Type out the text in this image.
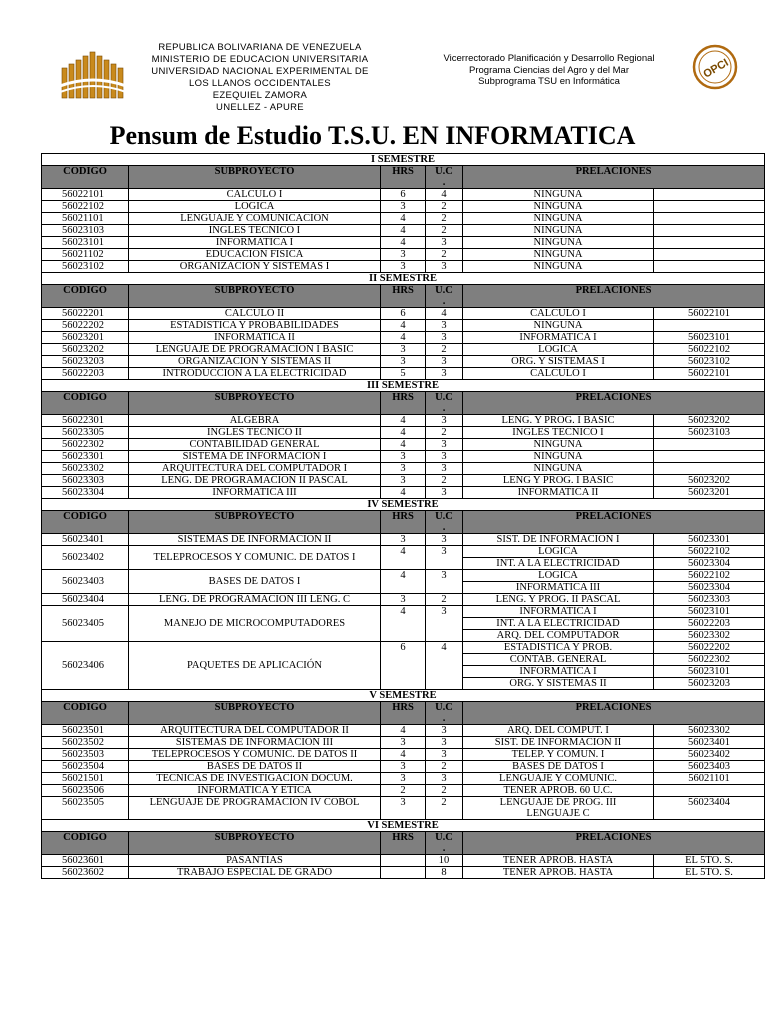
OPCI
REPUBLICA BOLIVARIANA DE VENEZUELA
MINISTERIO DE EDUCACION UNIVERSITARIA
UNIVERSIDAD NACIONAL EXPERIMENTAL DE
LOS LLANOS OCCIDENTALES
EZEQUIEL ZAMORA
UNELLEZ - APURE
Vicerrectorado Planificación y Desarrollo Regional
Programa Ciencias del Agro y del Mar
Subprograma TSU en Informática
Pensum de Estudio T.S.U. EN INFORMATICA
I SEMESTRE					
CODIGO	SUBPROYECTO	HRS	U.C
.	PRELACIONES	
56022101	CALCULO I	6	4	NINGUNA	
56022102	LOGICA	3	2	NINGUNA	
56021101	LENGUAJE Y COMUNICACION	4	2	NINGUNA	
56023103	INGLES TECNICO I	4	2	NINGUNA	
56023101	INFORMATICA I	4	3	NINGUNA	
56021102	EDUCACION FISICA	3	2	NINGUNA	
56023102	ORGANIZACION Y SISTEMAS I	3	3	NINGUNA	
II SEMESTRE					
CODIGO	SUBPROYECTO	HRS	U.C
.	PRELACIONES	
56022201	CALCULO II	6	4	CALCULO I	56022101
56022202	ESTADISTICA Y PROBABILIDADES	4	3	NINGUNA	
56023201	INFORMATICA II	4	3	INFORMATICA I	56023101
56023202	LENGUAJE DE PROGRAMACION I BASIC	3	2	LOGICA	56022102
56023203	ORGANIZACION Y SISTEMAS II	3	3	ORG. Y SISTEMAS I	56023102
56022203	INTRODUCCION A LA ELECTRICIDAD	5	3	CALCULO I	56022101
III SEMESTRE					
CODIGO	SUBPROYECTO	HRS	U.C
.	PRELACIONES	
56022301	ALGEBRA	4	3	LENG. Y PROG. I BASIC	56023202
56023305	INGLES TECNICO II	4	2	INGLES TECNICO I	56023103
56022302	CONTABILIDAD GENERAL	4	3	NINGUNA	
56023301	SISTEMA DE INFORMACION I	3	3	NINGUNA	
56023302	ARQUITECTURA DEL COMPUTADOR I	3	3	NINGUNA	
56023303	LENG. DE PROGRAMACION II PASCAL	3	2	LENG Y PROG. I BASIC	56023202
56023304	INFORMATICA III	4	3	INFORMATICA II	56023201
IV SEMESTRE					
CODIGO	SUBPROYECTO	HRS	U.C
.	PRELACIONES	
56023401	SISTEMAS DE INFORMACION II	3	3	SIST. DE INFORMACION I	56023301
56023402	TELEPROCESOS Y COMUNIC. DE DATOS I	4	3	LOGICA	56022102
				INT. A LA ELECTRICIDAD	56023304
56023403	BASES DE DATOS I	4	3	LOGICA	56022102
				INFORMATICA III	56023304
56023404	LENG. DE PROGRAMACION III LENG. C	3	2	LENG. Y PROG. II PASCAL	56023303
56023405	MANEJO DE MICROCOMPUTADORES	4	3	INFORMATICA I	56023101
				INT. A LA ELECTRICIDAD	56022203
				ARQ. DEL COMPUTADOR	56023302
56023406	PAQUETES DE APLICACIÓN	6	4	ESTADISTICA Y PROB.	56022202
				CONTAB. GENERAL	56022302
				INFORMATICA I	56023101
				ORG. Y SISTEMAS II	56023203
V SEMESTRE					
CODIGO	SUBPROYECTO	HRS	U.C
.	PRELACIONES	
56023501	ARQUITECTURA DEL COMPUTADOR II	4	3	ARQ. DEL COMPUT. I	56023302
56023502	SISTEMAS DE INFORMACION III	3	3	SIST. DE INFORMACION II	56023401
56023503	TELEPROCESOS Y COMUNIC. DE DATOS II	4	3	TELEP. Y COMUN. I	56023402
56023504	BASES DE DATOS II	3	2	BASES DE DATOS I	56023403
56021501	TECNICAS DE INVESTIGACION DOCUM.	3	3	LENGUAJE Y COMUNIC.	56021101
56023506	INFORMATICA Y ETICA	2	2	TENER APROB. 60 U.C.	
56023505	LENGUAJE DE PROGRAMACION IV COBOL	3	2	LENGUAJE DE PROG. III
LENGUAJE C	56023404
VI SEMESTRE					
CODIGO	SUBPROYECTO	HRS	U.C
.	PRELACIONES	
56023601	PASANTIAS		10	TENER APROB. HASTA	EL 5TO. S.
56023602	TRABAJO ESPECIAL DE GRADO		8	TENER APROB. HASTA	EL 5TO. S.
